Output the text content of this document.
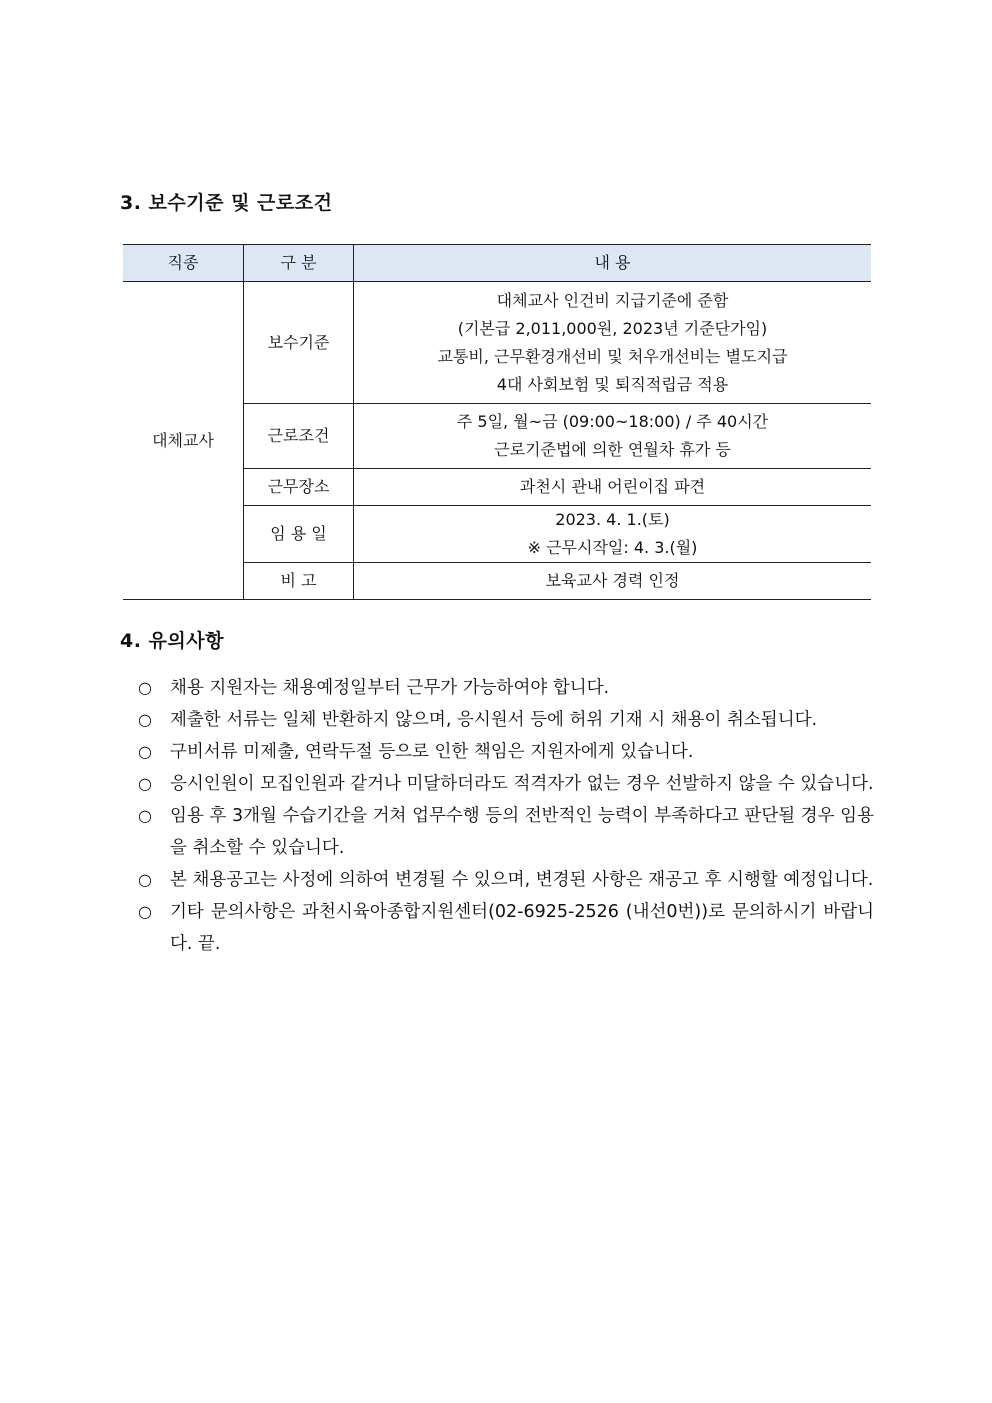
3. 보수기준 및 근로조건
직종	구 분	내 용
대체교사	보수기준	대체교사 인건비 지급기준에 준함
(기본급 2,011,000원, 2023년 기준단가임)
교통비, 근무환경개선비 및 처우개선비는 별도지급
4대 사회보험 및 퇴직적립금 적용

	근로조건	주 5일, 월~금 (09:00~18:00) / 주 40시간
근로기준법에 의한 연월차 휴가 등

	근무장소	과천시 관내 어린이집 파견

	임 용 일	2023. 4. 1.(토)
※ 근무시작일: 4. 3.(월)

	비 고	보육교사 경력 인정
4. 유의사항
○ 채용 지원자는 채용예정일부터 근무가 가능하여야 합니다.
○ 제출한 서류는 일체 반환하지 않으며, 응시원서 등에 허위 기재 시 채용이 취소됩니다.
○ 구비서류 미제출, 연락두절 등으로 인한 책임은 지원자에게 있습니다.
○ 응시인원이 모집인원과 같거나 미달하더라도 적격자가 없는 경우 선발하지 않을 수 있습니다.
○ 임용 후 3개월 수습기간을 거쳐 업무수행 등의 전반적인 능력이 부족하다고 판단될 경우 임용을 취소할 수 있습니다.
○ 본 채용공고는 사정에 의하여 변경될 수 있으며, 변경된 사항은 재공고 후 시행할 예정입니다.
○ 기타 문의사항은 과천시육아종합지원센터(02-6925-2526 (내선0번))로 문의하시기 바랍니다. 끝.
